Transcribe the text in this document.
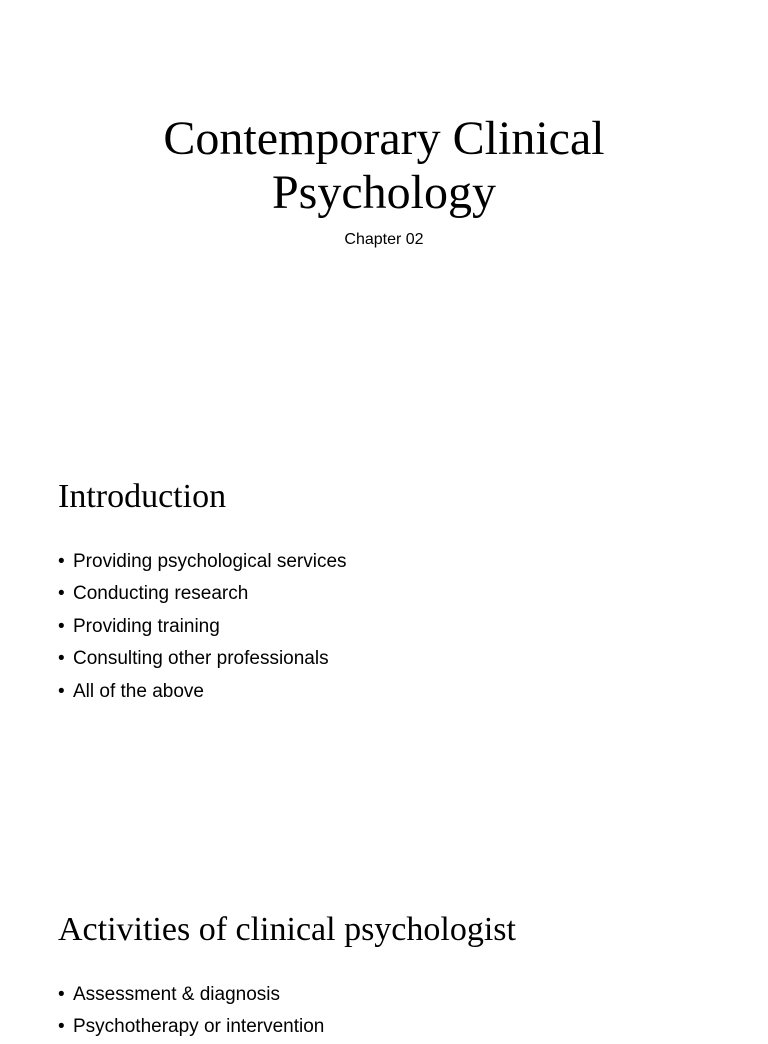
Contemporary Clinical
Psychology

Chapter 02

Introduction
• Providing psychological services
• Conducting research
• Providing training
• Consulting other professionals
• All of the above
Activities of clinical psychologist
• Assessment & diagnosis
• Psychotherapy or intervention
